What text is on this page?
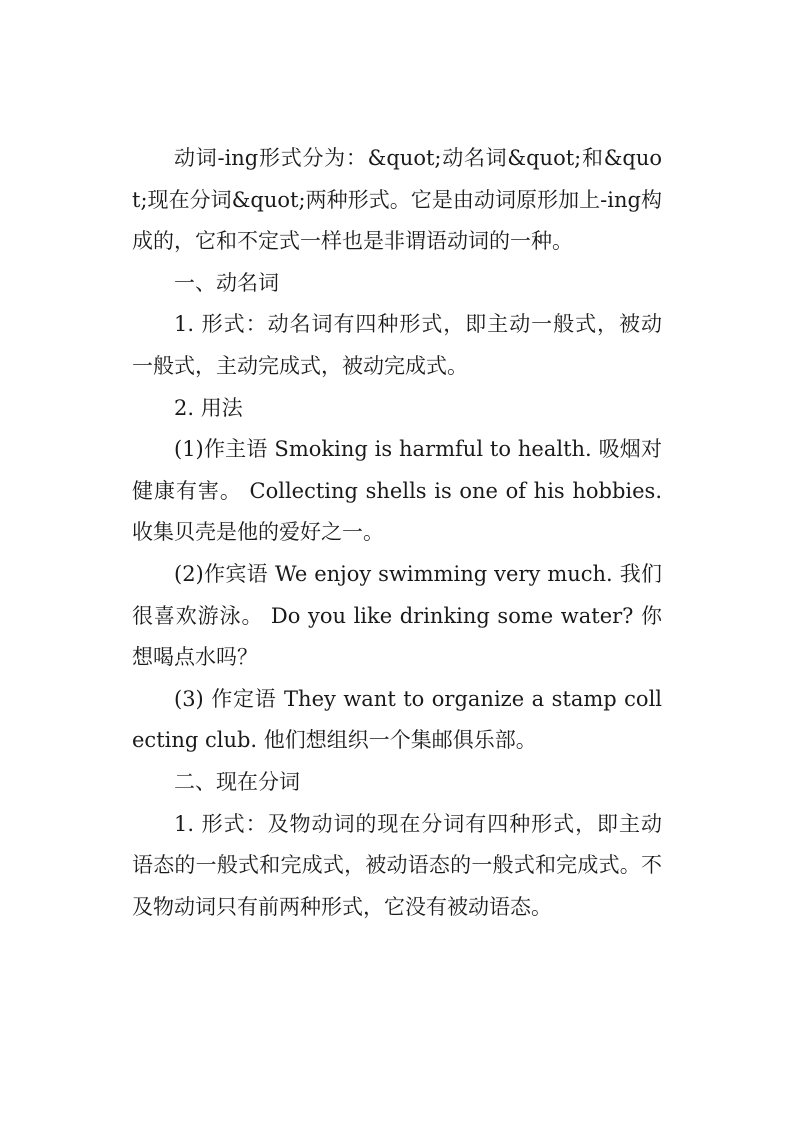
动词-ing形式分为：&quot;动名词&quot;和&quot;现在分词&quot;两种形式。它是由动词原形加上-ing构成的，它和不定式一样也是非谓语动词的一种。

一、动名词

1. 形式：动名词有四种形式，即主动一般式，被动一般式，主动完成式，被动完成式。

2. 用法

(1)作主语 Smoking is harmful to health. 吸烟对健康有害。 Collecting shells is one of his hobbies. 收集贝壳是他的爱好之一。

(2)作宾语 We enjoy swimming very much. 我们很喜欢游泳。 Do you like drinking some water? 你想喝点水吗？

(3) 作定语 They want to organize a stamp collecting club. 他们想组织一个集邮俱乐部。

二、现在分词

1. 形式：及物动词的现在分词有四种形式，即主动语态的一般式和完成式，被动语态的一般式和完成式。不及物动词只有前两种形式，它没有被动语态。
